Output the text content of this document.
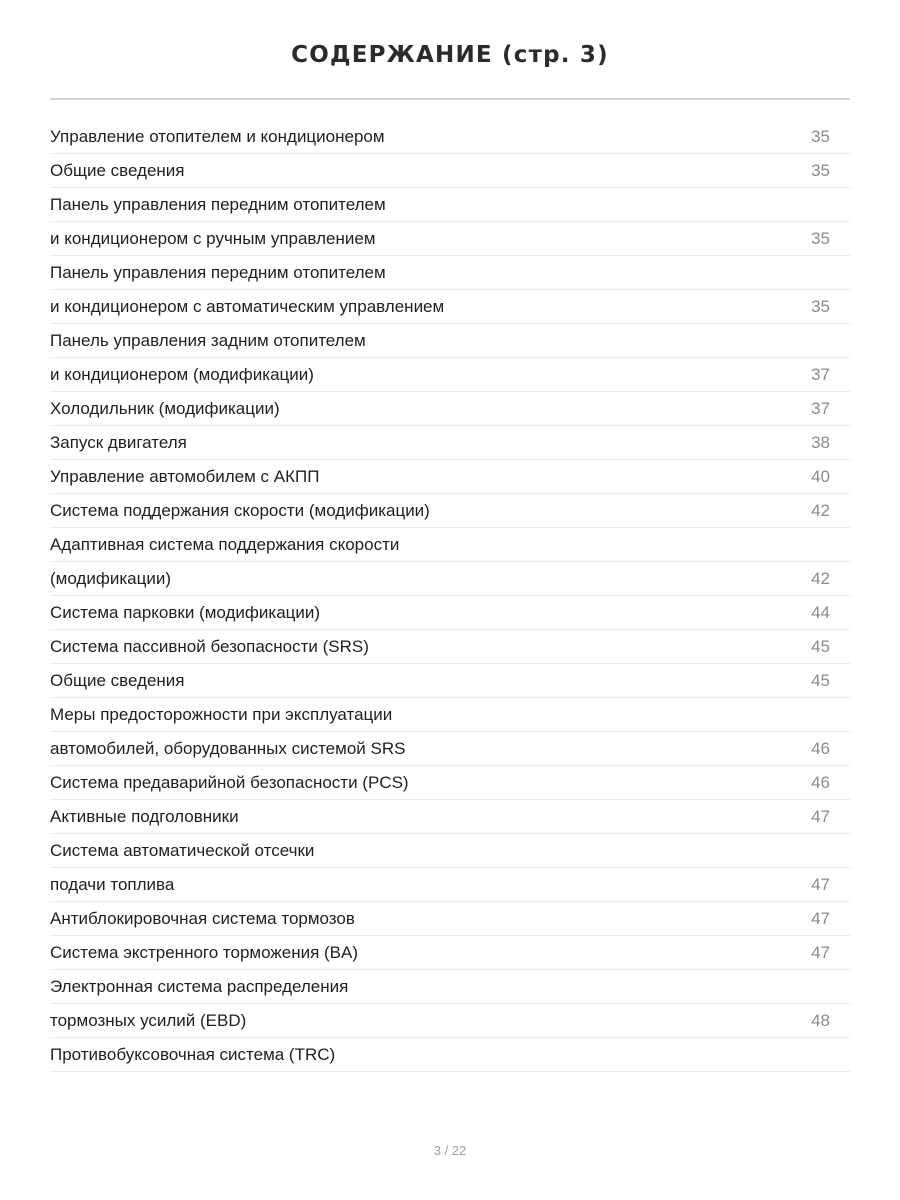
СОДЕРЖАНИЕ (стр. 3)
Управление отопителем и кондиционером	35
Общие сведения	35
Панель управления передним отопителем
и кондиционером с ручным управлением	35
Панель управления передним отопителем
и кондиционером с автоматическим управлением	35
Панель управления задним отопителем
и кондиционером (модификации)	37
Холодильник (модификации)	37
Запуск двигателя	38
Управление автомобилем с АКПП	40
Система поддержания скорости (модификации)	42
Адаптивная система поддержания скорости
(модификации)	42
Система парковки (модификации)	44
Система пассивной безопасности (SRS)	45
Общие сведения	45
Меры предосторожности при эксплуатации
автомобилей, оборудованных системой SRS	46
Система предаварийной безопасности (PCS)	46
Активные подголовники	47
Система автоматической отсечки
подачи топлива	47
Антиблокировочная система тормозов	47
Система экстренного торможения (BA)	47
Электронная система распределения
тормозных усилий (EBD)	48
Противобуксовочная система (TRC)
3 / 22
